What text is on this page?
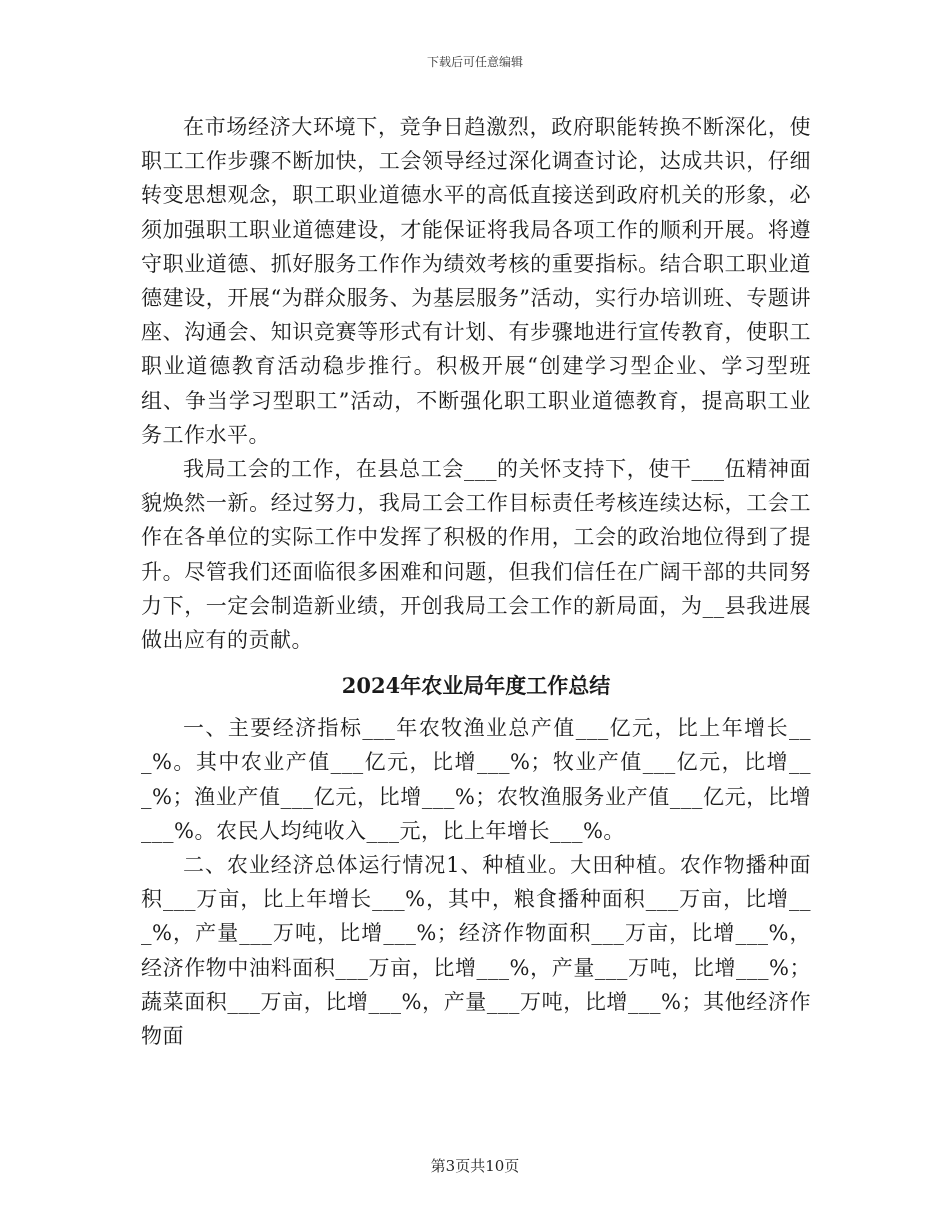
下载后可任意编辑

在市场经济大环境下，竞争日趋激烈，政府职能转换不断深化，使职工工作步骤不断加快，工会领导经过深化调查讨论，达成共识，仔细转变思想观念，职工职业道德水平的高低直接送到政府机关的形象，必须加强职工职业道德建设，才能保证将我局各项工作的顺利开展。将遵守职业道德、抓好服务工作作为绩效考核的重要指标。结合职工职业道德建设，开展“为群众服务、为基层服务”活动，实行办培训班、专题讲座、沟通会、知识竞赛等形式有计划、有步骤地进行宣传教育，使职工职业道德教育活动稳步推行。积极开展“创建学习型企业、学习型班组、争当学习型职工”活动，不断强化职工职业道德教育，提高职工业务工作水平。

我局工会的工作，在县总工会___的关怀支持下，使干___伍精神面貌焕然一新。经过努力，我局工会工作目标责任考核连续达标，工会工作在各单位的实际工作中发挥了积极的作用，工会的政治地位得到了提升。尽管我们还面临很多困难和问题，但我们信任在广阔干部的共同努力下，一定会制造新业绩，开创我局工会工作的新局面，为__县我进展做出应有的贡献。

2024年农业局年度工作总结

一、主要经济指标___年农牧渔业总产值___亿元，比上年增长___%。其中农业产值___亿元，比增___%；牧业产值___亿元，比增___%；渔业产值___亿元，比增___%；农牧渔服务业产值___亿元，比增___%。农民人均纯收入___元，比上年增长___%。

二、农业经济总体运行情况1、种植业。大田种植。农作物播种面积___万亩，比上年增长___%，其中，粮食播种面积___万亩，比增___%，产量___万吨，比增___%；经济作物面积___万亩，比增___%，经济作物中油料面积___万亩，比增___%，产量___万吨，比增___%；蔬菜面积___万亩，比增___%，产量___万吨，比增___%；其他经济作物面

第3页共10页
